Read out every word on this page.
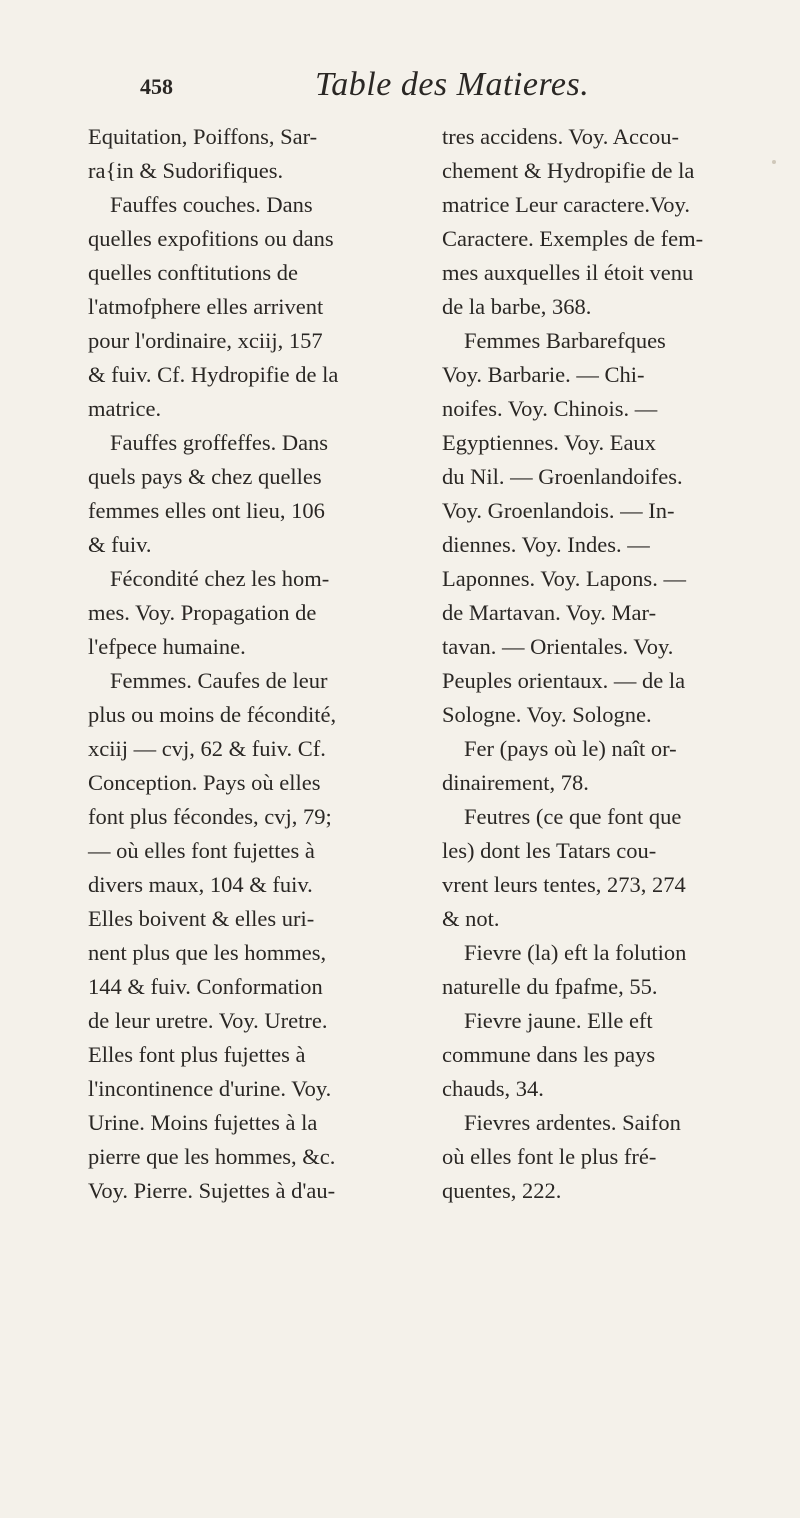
458	Table des Matieres.

Equitation, Poiffons, Sar-
ra{in & Sudorifiques.

Fauffes couches. Dans
quelles expofitions ou dans
quelles conftitutions de
l'atmofphere elles arrivent
pour l'ordinaire, xciij, 157
& fuiv. Cf. Hydropifie de la
matrice.

Fauffes groffeffes. Dans
quels pays & chez quelles
femmes elles ont lieu, 106
& fuiv.

Fécondité chez les hom-
mes. Voy. Propagation de
l'efpece humaine.

Femmes. Caufes de leur
plus ou moins de fécondité,
xciij — cvj, 62 & fuiv. Cf.
Conception. Pays où elles
font plus fécondes, cvj, 79;
— où elles font fujettes à
divers maux, 104 & fuiv.
Elles boivent & elles uri-
nent plus que les hommes,
144 & fuiv. Conformation
de leur uretre. Voy. Uretre.
Elles font plus fujettes à
l'incontinence d'urine. Voy.
Urine. Moins fujettes à la
pierre que les hommes, &c.
Voy. Pierre. Sujettes à d'au-

tres accidens. Voy. Accou-
chement & Hydropifie de la
matrice Leur caractere.Voy.
Caractere. Exemples de fem-
mes auxquelles il étoit venu
de la barbe, 368.

Femmes Barbarefques
Voy. Barbarie. — Chi-
noifes. Voy. Chinois. —
Egyptiennes. Voy. Eaux
du Nil. — Groenlandoifes.
Voy. Groenlandois. — In-
diennes. Voy. Indes. —
Laponnes. Voy. Lapons. —
de Martavan. Voy. Mar-
tavan. — Orientales. Voy.
Peuples orientaux. — de la
Sologne. Voy. Sologne.

Fer (pays où le) naît or-
dinairement, 78.

Feutres (ce que font que
les) dont les Tatars cou-
vrent leurs tentes, 273, 274
& not.

Fievre (la) eft la folution
naturelle du fpafme, 55.

Fievre jaune. Elle eft
commune dans les pays
chauds, 34.

Fievres ardentes. Saifon
où elles font le plus fré-
quentes, 222.
